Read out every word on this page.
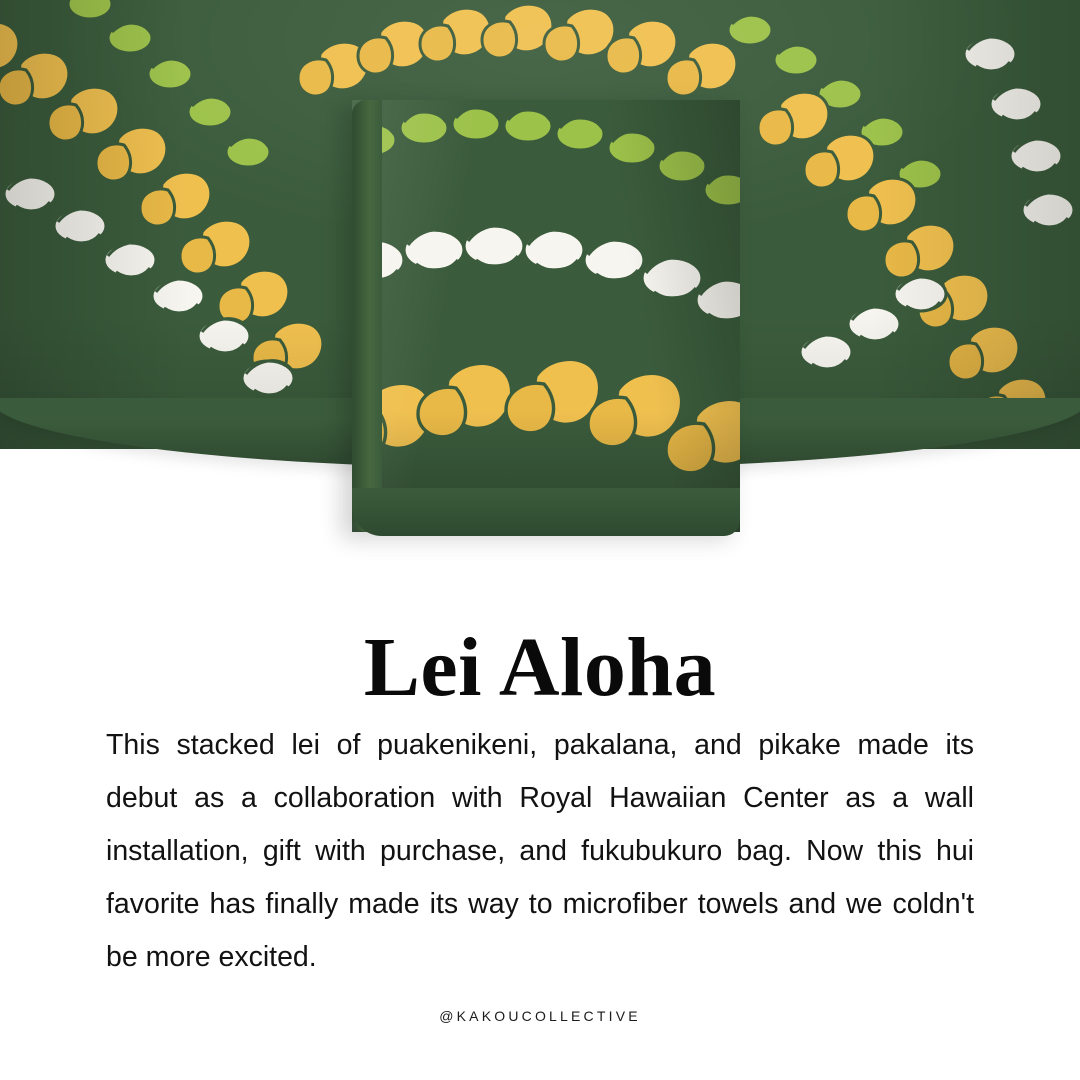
Lei Aloha

This stacked lei of puakenikeni, pakalana, and pikake made its debut as a collaboration with Royal Hawaiian Center as a wall installation, gift with purchase, and fukubukuro bag. Now this hui favorite has finally made its way to microfiber towels and we coldn't be more excited.

@KAKOUCOLLECTIVE
